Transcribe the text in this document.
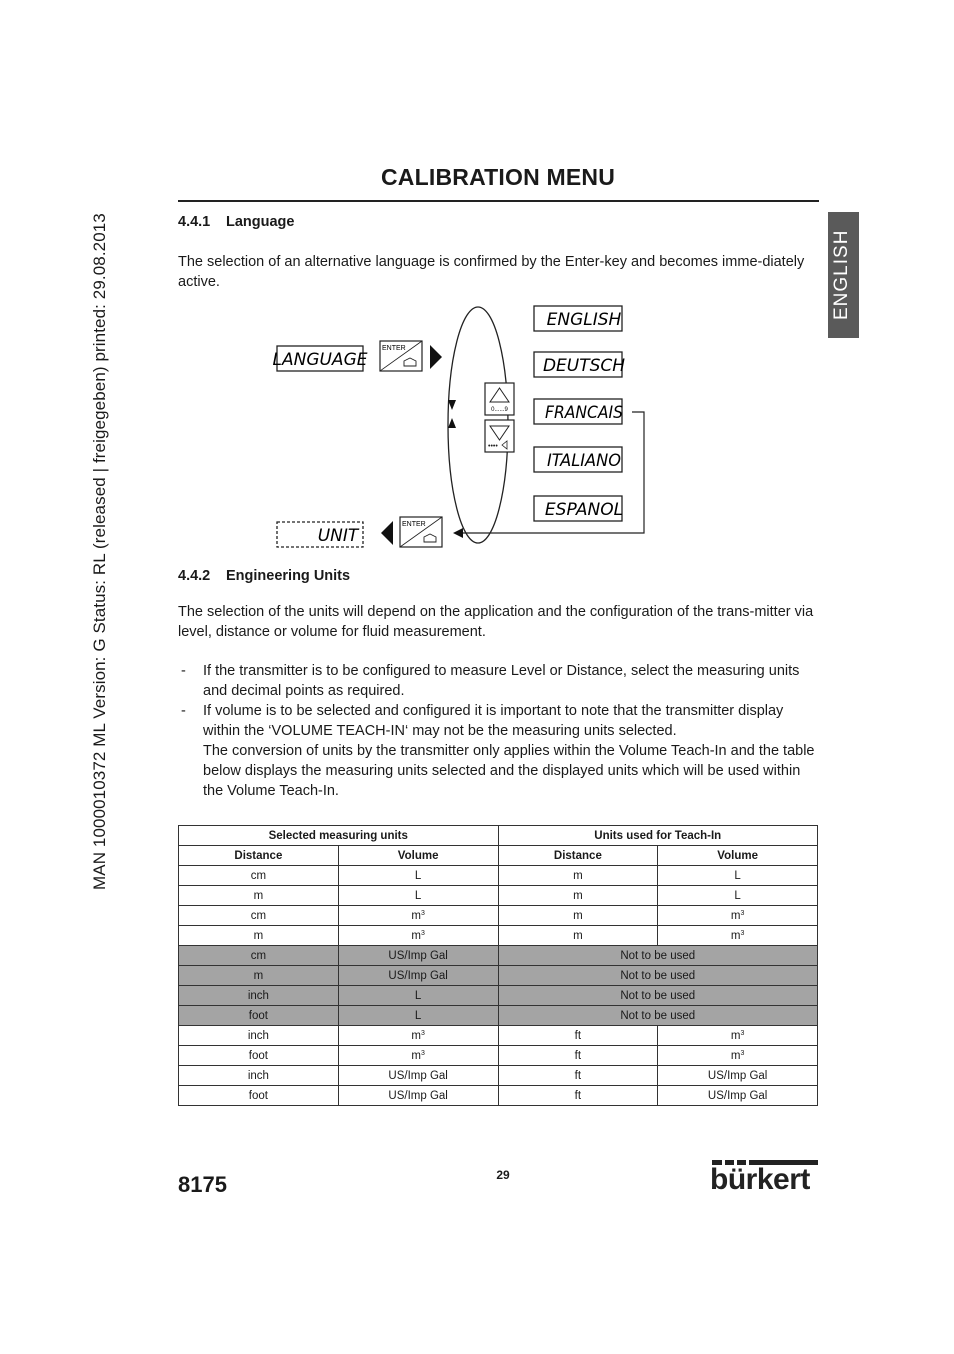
MAN 1000010372 ML Version: G Status: RL (released | freigegeben) printed: 29.08.2013
CALIBRATION MENU
ENGLISH
4.4.1 Language
The selection of an alternative language is confirmed by the Enter-key and becomes imme-diately active.
LANGUAGE
ENTER
0......9
••••
ENGLISH
DEUTSCH
FRANCAIS
ITALIANO
ESPANOL
ENTER
UNIT
4.4.2 Engineering Units
The selection of the units will depend on the application and the configuration of the trans-mitter via level, distance or volume for fluid measurement.
- If the transmitter is to be configured to measure Level or Distance, select the measuring units and decimal points as required.
- If volume is to be selected and configured it is important to note that the transmitter display within the ‘VOLUME TEACH-IN‘ may not be the measuring units selected.
The conversion of units by the transmitter only applies within the Volume Teach-In and the table below displays the measuring units selected and the displayed units which will be used within the Volume Teach-In.
Selected measuring units		Units used for Teach-In	
Distance	Volume	Distance	Volume
cm	L	m	L
m	L	m	L
cm	$m^3$	m	$m^3$
m	$m^3$	m	$m^3$
cm	US/Imp Gal	Not to be used	
m	US/Imp Gal	Not to be used	
inch	L	Not to be used	
foot	L	Not to be used	
inch	$m^3$	ft	$m^3$
foot	$m^3$	ft	$m^3$
inch	US/Imp Gal	ft	US/Imp Gal
foot	US/Imp Gal	ft	US/Imp Gal
8175	29	bürkert
